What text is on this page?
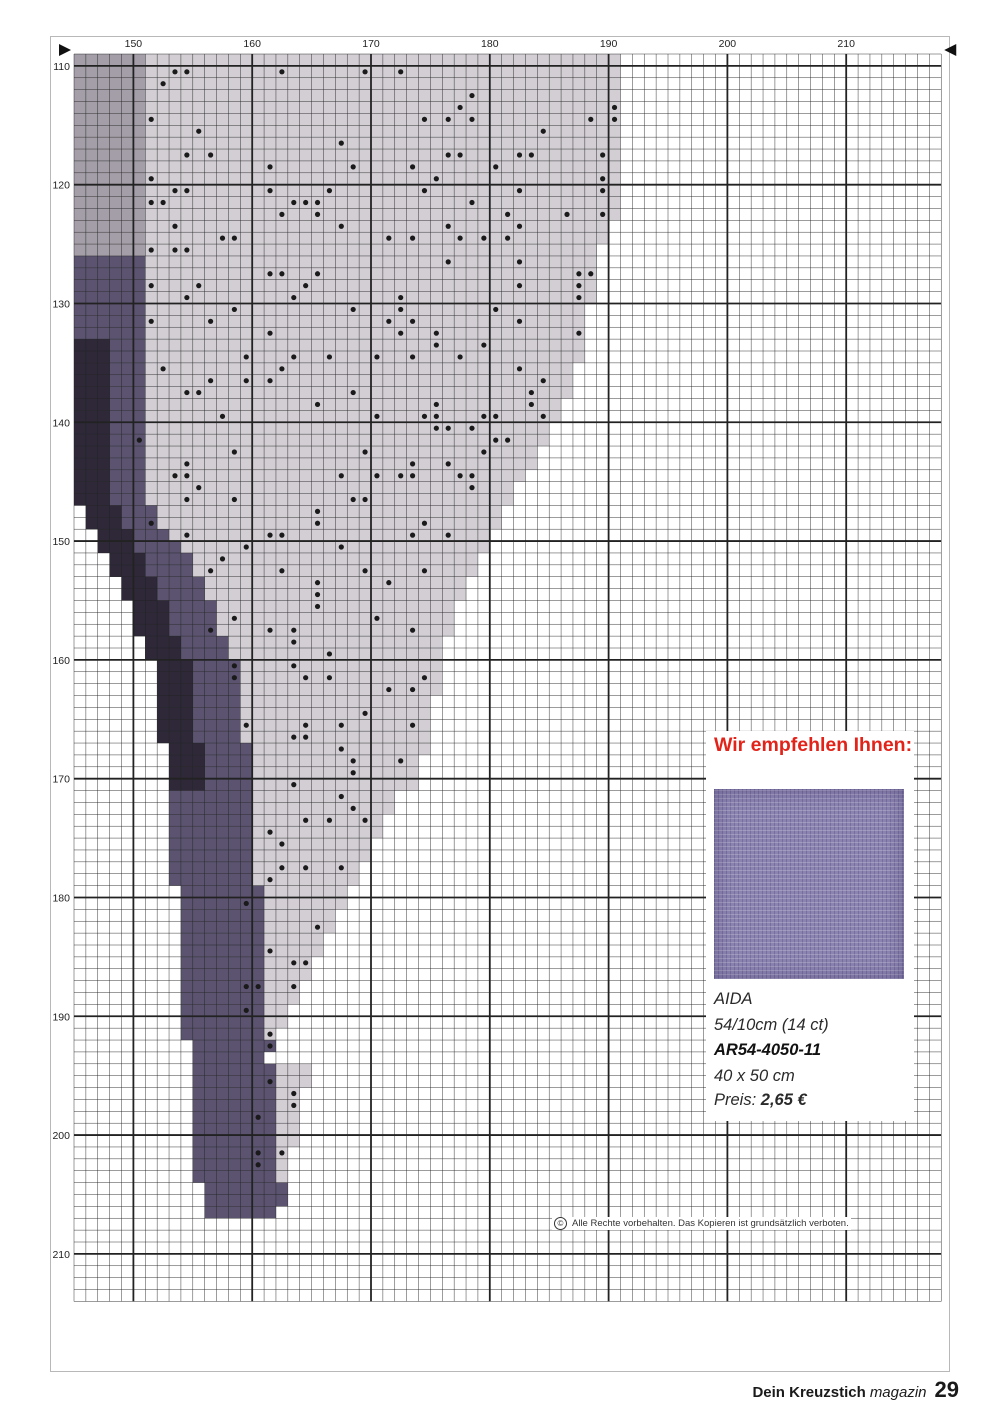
150	160	170	180	190	200	210
110
120
130
140
150
160
170
180
190
200
210
Wir empfehlen Ihnen:
AIDA
54/10cm (14 ct)
AR54-4050-11
40 x 50 cm
Preis: 2,65 €
© Alle Rechte vorbehalten. Das Kopieren ist grundsätzlich verboten.
Dein Kreuzstich magazin 29
